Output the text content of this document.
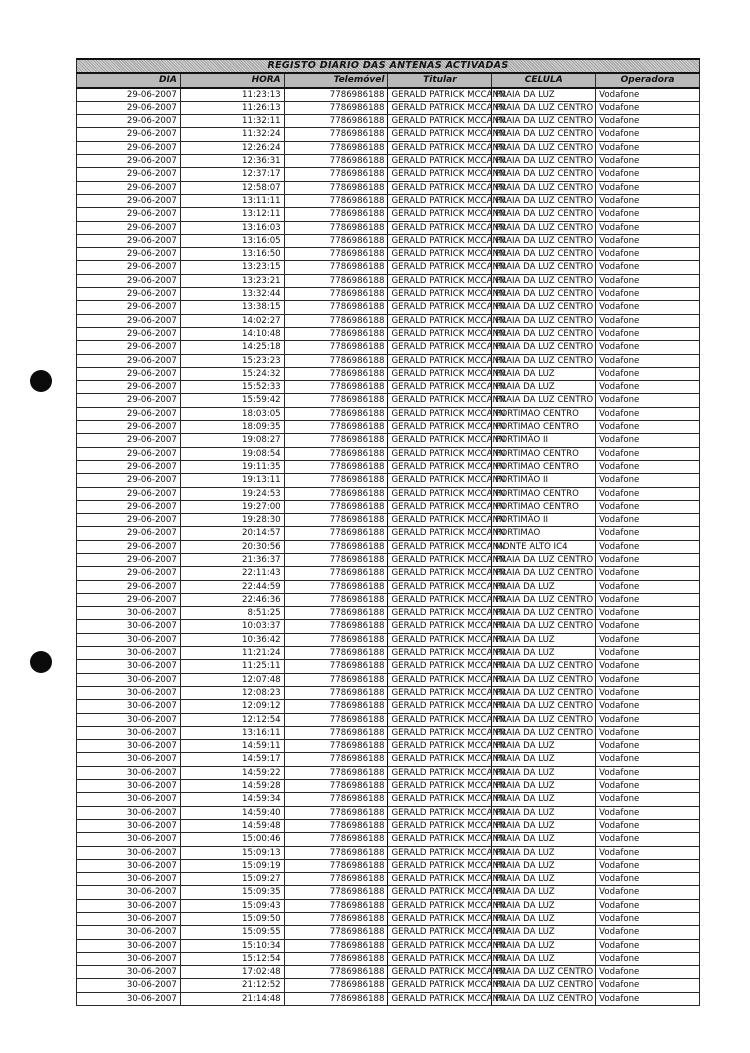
REGISTO DIÁRIO DAS ANTENAS ACTIVADAS					
DIA	HORA	Telemóvel	Titular	CELULA	Operadora
29-06-2007	11:23:13	7786986188	GERALD PATRICK MCCANN	PRAIA DA LUZ	Vodafone
29-06-2007	11:26:13	7786986188	GERALD PATRICK MCCANN	PRAIA DA LUZ CENTRO	Vodafone
29-06-2007	11:32:11	7786986188	GERALD PATRICK MCCANN	PRAIA DA LUZ CENTRO	Vodafone
29-06-2007	11:32:24	7786986188	GERALD PATRICK MCCANN	PRAIA DA LUZ CENTRO	Vodafone
29-06-2007	12:26:24	7786986188	GERALD PATRICK MCCANN	PRAIA DA LUZ CENTRO	Vodafone
29-06-2007	12:36:31	7786986188	GERALD PATRICK MCCANN	PRAIA DA LUZ CENTRO	Vodafone
29-06-2007	12:37:17	7786986188	GERALD PATRICK MCCANN	PRAIA DA LUZ CENTRO	Vodafone
29-06-2007	12:58:07	7786986188	GERALD PATRICK MCCANN	PRAIA DA LUZ CENTRO	Vodafone
29-06-2007	13:11:11	7786986188	GERALD PATRICK MCCANN	PRAIA DA LUZ CENTRO	Vodafone
29-06-2007	13:12:11	7786986188	GERALD PATRICK MCCANN	PRAIA DA LUZ CENTRO	Vodafone
29-06-2007	13:16:03	7786986188	GERALD PATRICK MCCANN	PRAIA DA LUZ CENTRO	Vodafone
29-06-2007	13:16:05	7786986188	GERALD PATRICK MCCANN	PRAIA DA LUZ CENTRO	Vodafone
29-06-2007	13:16:50	7786986188	GERALD PATRICK MCCANN	PRAIA DA LUZ CENTRO	Vodafone
29-06-2007	13:23:15	7786986188	GERALD PATRICK MCCANN	PRAIA DA LUZ CENTRO	Vodafone
29-06-2007	13:23:21	7786986188	GERALD PATRICK MCCANN	PRAIA DA LUZ CENTRO	Vodafone
29-06-2007	13:32:44	7786986188	GERALD PATRICK MCCANN	PRAIA DA LUZ CENTRO	Vodafone
29-06-2007	13:38:15	7786986188	GERALD PATRICK MCCANN	PRAIA DA LUZ CENTRO	Vodafone
29-06-2007	14:02:27	7786986188	GERALD PATRICK MCCANN	PRAIA DA LUZ CENTRO	Vodafone
29-06-2007	14:10:48	7786986188	GERALD PATRICK MCCANN	PRAIA DA LUZ CENTRO	Vodafone
29-06-2007	14:25:18	7786986188	GERALD PATRICK MCCANN	PRAIA DA LUZ CENTRO	Vodafone
29-06-2007	15:23:23	7786986188	GERALD PATRICK MCCANN	PRAIA DA LUZ CENTRO	Vodafone
29-06-2007	15:24:32	7786986188	GERALD PATRICK MCCANN	PRAIA DA LUZ	Vodafone
29-06-2007	15:52:33	7786986188	GERALD PATRICK MCCANN	PRAIA DA LUZ	Vodafone
29-06-2007	15:59:42	7786986188	GERALD PATRICK MCCANN	PRAIA DA LUZ CENTRO	Vodafone
29-06-2007	18:03:05	7786986188	GERALD PATRICK MCCANN	PORTIMAO CENTRO	Vodafone
29-06-2007	18:09:35	7786986188	GERALD PATRICK MCCANN	PORTIMAO CENTRO	Vodafone
29-06-2007	19:08:27	7786986188	GERALD PATRICK MCCANN	PORTIMÃO II	Vodafone
29-06-2007	19:08:54	7786986188	GERALD PATRICK MCCANN	PORTIMAO CENTRO	Vodafone
29-06-2007	19:11:35	7786986188	GERALD PATRICK MCCANN	PORTIMAO CENTRO	Vodafone
29-06-2007	19:13:11	7786986188	GERALD PATRICK MCCANN	PORTIMÃO II	Vodafone
29-06-2007	19:24:53	7786986188	GERALD PATRICK MCCANN	PORTIMAO CENTRO	Vodafone
29-06-2007	19:27:00	7786986188	GERALD PATRICK MCCANN	PORTIMAO CENTRO	Vodafone
29-06-2007	19:28:30	7786986188	GERALD PATRICK MCCANN	PORTIMÃO II	Vodafone
29-06-2007	20:14:57	7786986188	GERALD PATRICK MCCANN	PORTIMAO	Vodafone
29-06-2007	20:30:56	7786986188	GERALD PATRICK MCCANN	MONTE ALTO IC4	Vodafone
29-06-2007	21:36:37	7786986188	GERALD PATRICK MCCANN	PRAIA DA LUZ CENTRO	Vodafone
29-06-2007	22:11:43	7786986188	GERALD PATRICK MCCANN	PRAIA DA LUZ CENTRO	Vodafone
29-06-2007	22:44:59	7786986188	GERALD PATRICK MCCANN	PRAIA DA LUZ	Vodafone
29-06-2007	22:46:36	7786986188	GERALD PATRICK MCCANN	PRAIA DA LUZ CENTRO	Vodafone
30-06-2007	8:51:25	7786986188	GERALD PATRICK MCCANN	PRAIA DA LUZ CENTRO	Vodafone
30-06-2007	10:03:37	7786986188	GERALD PATRICK MCCANN	PRAIA DA LUZ CENTRO	Vodafone
30-06-2007	10:36:42	7786986188	GERALD PATRICK MCCANN	PRAIA DA LUZ	Vodafone
30-06-2007	11:21:24	7786986188	GERALD PATRICK MCCANN	PRAIA DA LUZ	Vodafone
30-06-2007	11:25:11	7786986188	GERALD PATRICK MCCANN	PRAIA DA LUZ CENTRO	Vodafone
30-06-2007	12:07:48	7786986188	GERALD PATRICK MCCANN	PRAIA DA LUZ CENTRO	Vodafone
30-06-2007	12:08:23	7786986188	GERALD PATRICK MCCANN	PRAIA DA LUZ CENTRO	Vodafone
30-06-2007	12:09:12	7786986188	GERALD PATRICK MCCANN	PRAIA DA LUZ CENTRO	Vodafone
30-06-2007	12:12:54	7786986188	GERALD PATRICK MCCANN	PRAIA DA LUZ CENTRO	Vodafone
30-06-2007	13:16:11	7786986188	GERALD PATRICK MCCANN	PRAIA DA LUZ CENTRO	Vodafone
30-06-2007	14:59:11	7786986188	GERALD PATRICK MCCANN	PRAIA DA LUZ	Vodafone
30-06-2007	14:59:17	7786986188	GERALD PATRICK MCCANN	PRAIA DA LUZ	Vodafone
30-06-2007	14:59:22	7786986188	GERALD PATRICK MCCANN	PRAIA DA LUZ	Vodafone
30-06-2007	14:59:28	7786986188	GERALD PATRICK MCCANN	PRAIA DA LUZ	Vodafone
30-06-2007	14:59:34	7786986188	GERALD PATRICK MCCANN	PRAIA DA LUZ	Vodafone
30-06-2007	14:59:40	7786986188	GERALD PATRICK MCCANN	PRAIA DA LUZ	Vodafone
30-06-2007	14:59:48	7786986188	GERALD PATRICK MCCANN	PRAIA DA LUZ	Vodafone
30-06-2007	15:00:46	7786986188	GERALD PATRICK MCCANN	PRAIA DA LUZ	Vodafone
30-06-2007	15:09:13	7786986188	GERALD PATRICK MCCANN	PRAIA DA LUZ	Vodafone
30-06-2007	15:09:19	7786986188	GERALD PATRICK MCCANN	PRAIA DA LUZ	Vodafone
30-06-2007	15:09:27	7786986188	GERALD PATRICK MCCANN	PRAIA DA LUZ	Vodafone
30-06-2007	15:09:35	7786986188	GERALD PATRICK MCCANN	PRAIA DA LUZ	Vodafone
30-06-2007	15:09:43	7786986188	GERALD PATRICK MCCANN	PRAIA DA LUZ	Vodafone
30-06-2007	15:09:50	7786986188	GERALD PATRICK MCCANN	PRAIA DA LUZ	Vodafone
30-06-2007	15:09:55	7786986188	GERALD PATRICK MCCANN	PRAIA DA LUZ	Vodafone
30-06-2007	15:10:34	7786986188	GERALD PATRICK MCCANN	PRAIA DA LUZ	Vodafone
30-06-2007	15:12:54	7786986188	GERALD PATRICK MCCANN	PRAIA DA LUZ	Vodafone
30-06-2007	17:02:48	7786986188	GERALD PATRICK MCCANN	PRAIA DA LUZ CENTRO	Vodafone
30-06-2007	21:12:52	7786986188	GERALD PATRICK MCCANN	PRAIA DA LUZ CENTRO	Vodafone
30-06-2007	21:14:48	7786986188	GERALD PATRICK MCCANN	PRAIA DA LUZ CENTRO	Vodafone
